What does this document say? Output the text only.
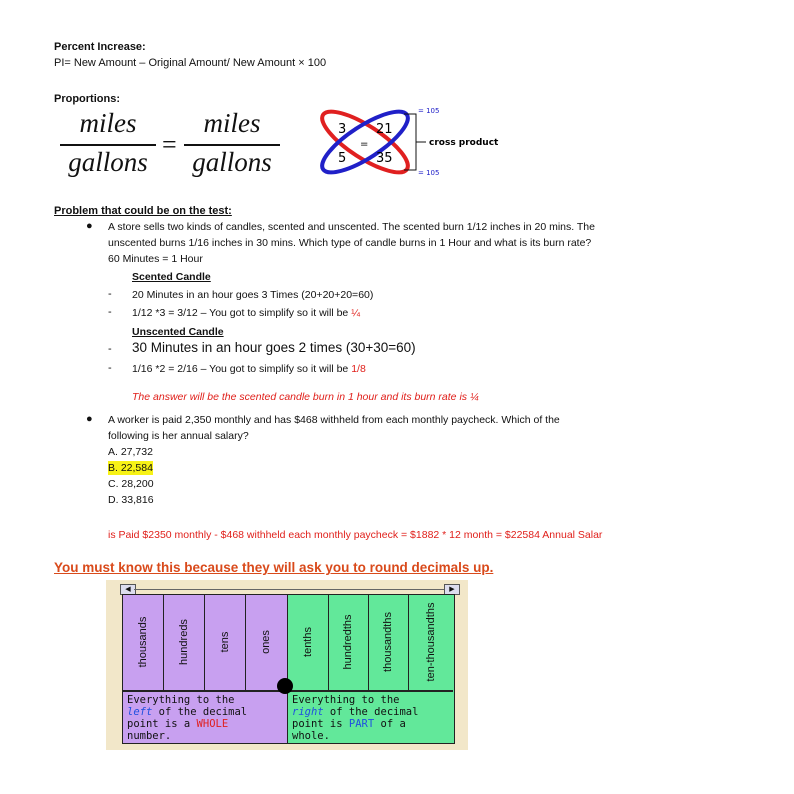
Percent Increase:
PI= New Amount – Original Amount/ New Amount × 100
Proportions:
miles
gallons
=
miles
gallons
3 21
=
5 35
= 105
= 105
cross product
Problem that could be on the test:
● A store sells two kinds of candles, scented and unscented. The scented burn 1/12 inches in 20 mins. The
unscented burns 1/16 inches in 30 mins. Which type of candle burns in 1 Hour and what is its burn rate?
60 Minutes = 1 Hour
Scented Candle
- 20 Minutes in an hour goes 3 Times (20+20+20=60)
- 1/12 *3 = 3/12 – You got to simplify so it will be ¼
Unscented Candle
- 30 Minutes in an hour goes 2 times (30+30=60)
- 1/16 *2 = 2/16 – You got to simplify so it will be 1/8
The answer will be the scented candle burn in 1 hour and its burn rate is ¼
● A worker is paid 2,350 monthly and has $468 withheld from each monthly paycheck. Which of the
following is her annual salary?
A. 27,732
B. 22,584
C. 28,200
D. 33,816
is Paid $2350 monthly - $468 withheld each monthly paycheck = $1882 * 12 month = $22584 Annual Salar
You must know this because they will ask you to round decimals up.
◀	▶
thousands	hundreds	tens	ones
Everything to the
left of the decimal
point is a WHOLE
number.
tenths	hundredths	thousandths	ten-thousandths
Everything to the
right of the decimal
point is PART of a
whole.
